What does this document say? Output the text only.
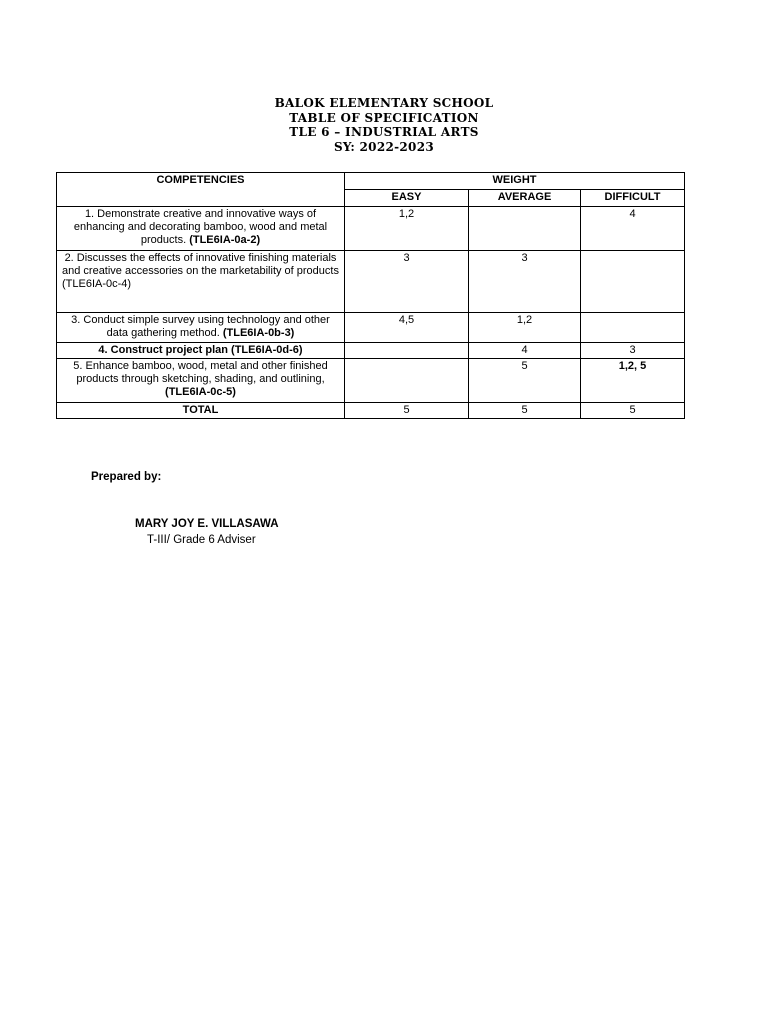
BALOK ELEMENTARY SCHOOL
TABLE OF SPECIFICATION
TLE 6 – INDUSTRIAL ARTS
SY: 2022-2023
COMPETENCIES	WEIGHT		
	EASY	AVERAGE	DIFFICULT
1. Demonstrate creative and innovative ways of enhancing and decorating bamboo, wood and metal products. (TLE6IA-0a-2)	1,2		4
2. Discusses the effects of innovative finishing materials and creative accessories on the marketability of products (TLE6IA-0c-4)	3	3	
3. Conduct simple survey using technology and other data gathering method. (TLE6IA-0b-3)	4,5	1,2	
4. Construct project plan (TLE6IA-0d-6)		4	3
5. Enhance bamboo, wood, metal and other finished products through sketching, shading, and outlining, (TLE6IA-0c-5)		5	1,2, 5
TOTAL	5	5	5
Prepared by:
MARY JOY E. VILLASAWA
T-III/ Grade 6 Adviser
